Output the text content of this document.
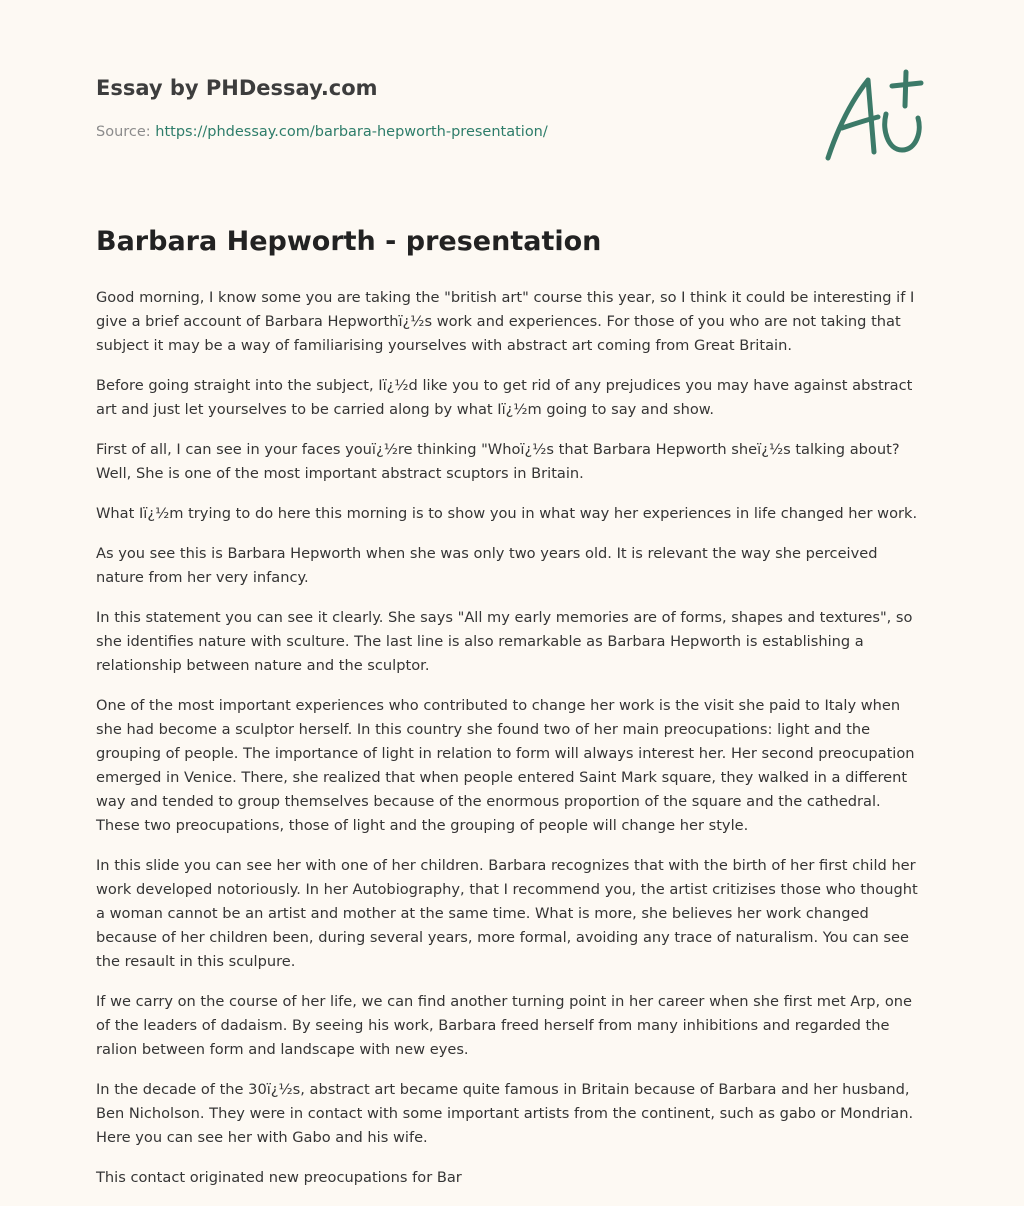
Essay by PHDessay.com
Source: https://phdessay.com/barbara-hepworth-presentation/
Barbara Hepworth - presentation

Good morning, I know some you are taking the "british art" course this year, so I think it could be interesting if I give a brief account of Barbara Hepworthï¿½s work and experiences. For those of you who are not taking that subject it may be a way of familiarising yourselves with abstract art coming from Great Britain.

Before going straight into the subject, Iï¿½d like you to get rid of any prejudices you may have against abstract art and just let yourselves to be carried along by what Iï¿½m going to say and show.

First of all, I can see in your faces youï¿½re thinking "Whoï¿½s that Barbara Hepworth sheï¿½s talking about? Well, She is one of the most important abstract scuptors in Britain.

What Iï¿½m trying to do here this morning is to show you in what way her experiences in life changed her work.

As you see this is Barbara Hepworth when she was only two years old. It is relevant the way she perceived nature from her very infancy.

In this statement you can see it clearly. She says "All my early memories are of forms, shapes and textures", so she identifies nature with sculture. The last line is also remarkable as Barbara Hepworth is establishing a relationship between nature and the sculptor.

One of the most important experiences who contributed to change her work is the visit she paid to Italy when she had become a sculptor herself. In this country she found two of her main preocupations: light and the grouping of people. The importance of light in relation to form will always interest her. Her second preocupation emerged in Venice. There, she realized that when people entered Saint Mark square, they walked in a different way and tended to group themselves because of the enormous proportion of the square and the cathedral. These two preocupations, those of light and the grouping of people will change her style.

In this slide you can see her with one of her children. Barbara recognizes that with the birth of her first child her work developed notoriously. In her Autobiography, that I recommend you, the artist critizises those who thought a woman cannot be an artist and mother at the same time. What is more, she believes her work changed because of her children been, during several years, more formal, avoiding any trace of naturalism. You can see the resault in this sculpure.

If we carry on the course of her life, we can find another turning point in her career when she first met Arp, one of the leaders of dadaism. By seeing his work, Barbara freed herself from many inhibitions and regarded the ralion between form and landscape with new eyes.

In the decade of the 30ï¿½s, abstract art became quite famous in Britain because of Barbara and her husband, Ben Nicholson. They were in contact with some important artists from the continent, such as gabo or Mondrian. Here you can see her with Gabo and his wife.

This contact originated new preocupations for Bar
